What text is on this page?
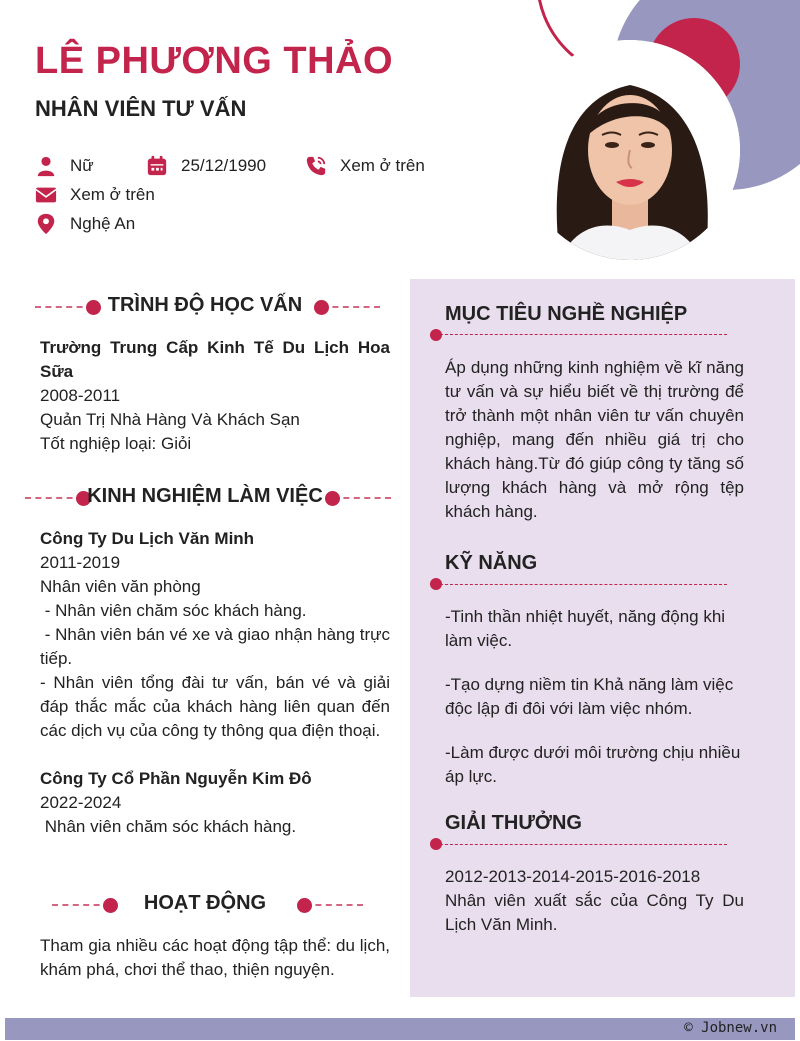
LÊ PHƯƠNG THẢO
NHÂN VIÊN TƯ VẤN
Nữ	25/12/1990	Xem ở trên
Xem ở trên
Nghệ An
TRÌNH ĐỘ HỌC VẤN
Trường Trung Cấp Kinh Tế Du Lịch Hoa Sữa
2008-2011
Quản Trị Nhà Hàng Và Khách Sạn
Tốt nghiệp loại: Giỏi
KINH NGHIỆM LÀM VIỆC
Công Ty Du Lịch Văn Minh
2011-2019
Nhân viên văn phòng
- Nhân viên chăm sóc khách hàng.
- Nhân viên bán vé xe và giao nhận hàng trực tiếp.
- Nhân viên tổng đài tư vấn, bán vé và giải đáp thắc mắc của khách hàng liên quan đến các dịch vụ của công ty thông qua điện thoại.
Công Ty Cổ Phần Nguyễn Kim Đô
2022-2024
Nhân viên chăm sóc khách hàng.
HOẠT ĐỘNG
Tham gia nhiều các hoạt động tập thể: du lịch, khám phá, chơi thể thao, thiện nguyện.
MỤC TIÊU NGHỀ NGHIỆP
Áp dụng những kinh nghiệm về kĩ năng tư vấn và sự hiểu biết về thị trường để trở thành một nhân viên tư vấn chuyên nghiệp, mang đến nhiều giá trị cho khách hàng.Từ đó giúp công ty tăng số lượng khách hàng và mở rộng tệp khách hàng.
KỸ NĂNG
-Tinh thần nhiệt huyết, năng động khi làm việc.
-Tạo dựng niềm tin Khả năng làm việc độc lập đi đôi với làm việc nhóm.
-Làm được dưới môi trường chịu nhiều áp lực.
GIẢI THƯỞNG
2012-2013-2014-2015-2016-2018
Nhân viên xuất sắc của Công Ty Du Lịch Văn Minh.
© Jobnew.vn
